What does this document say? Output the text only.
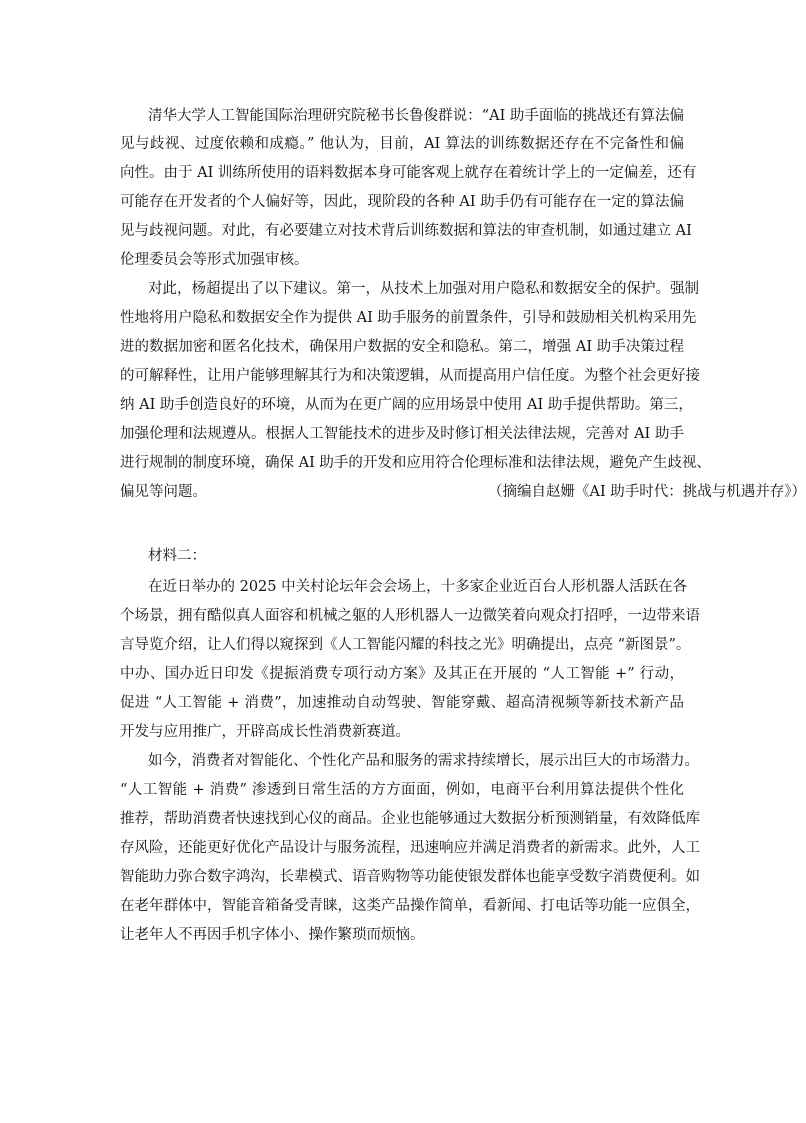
清华大学人工智能国际治理研究院秘书长鲁俊群说：“AI 助手面临的挑战还有算法偏
见与歧视、过度依赖和成瘾。” 他认为，目前，AI 算法的训练数据还存在不完备性和偏
向性。由于 AI 训练所使用的语料数据本身可能客观上就存在着统计学上的一定偏差，还有
可能存在开发者的个人偏好等，因此，现阶段的各种 AI 助手仍有可能存在一定的算法偏
见与歧视问题。对此，有必要建立对技术背后训练数据和算法的审查机制，如通过建立 AI
伦理委员会等形式加强审核。
对此，杨超提出了以下建议。第一，从技术上加强对用户隐私和数据安全的保护。强制
性地将用户隐私和数据安全作为提供 AI 助手服务的前置条件，引导和鼓励相关机构采用先
进的数据加密和匿名化技术，确保用户数据的安全和隐私。第二，增强 AI 助手决策过程
的可解释性，让用户能够理解其行为和决策逻辑，从而提高用户信任度。为整个社会更好接
纳 AI 助手创造良好的环境，从而为在更广阔的应用场景中使用 AI 助手提供帮助。第三，
加强伦理和法规遵从。根据人工智能技术的进步及时修订相关法律法规，完善对 AI 助手
进行规制的制度环境，确保 AI 助手的开发和应用符合伦理标准和法律法规，避免产生歧视、
偏见等问题。	（摘编自赵姗《AI 助手时代：挑战与机遇并存》）
材料二：
在近日举办的 2025 中关村论坛年会会场上，十多家企业近百台人形机器人活跃在各
个场景，拥有酷似真人面容和机械之躯的人形机器人一边微笑着向观众打招呼，一边带来语
言导览介绍，让人们得以窥探到《人工智能闪耀的科技之光》明确提出，点亮 “新图景”。
中办、国办近日印发《提振消费专项行动方案》及其正在开展的 “人工智能 +” 行动，
促进 “人工智能 + 消费”，加速推动自动驾驶、智能穿戴、超高清视频等新技术新产品
开发与应用推广，开辟高成长性消费新赛道。
如今，消费者对智能化、个性化产品和服务的需求持续增长，展示出巨大的市场潜力。
“人工智能 + 消费” 渗透到日常生活的方方面面，例如，电商平台利用算法提供个性化
推荐，帮助消费者快速找到心仪的商品。企业也能够通过大数据分析预测销量，有效降低库
存风险，还能更好优化产品设计与服务流程，迅速响应并满足消费者的新需求。此外，人工
智能助力弥合数字鸿沟，长辈模式、语音购物等功能使银发群体也能享受数字消费便利。如
在老年群体中，智能音箱备受青睐，这类产品操作简单，看新闻、打电话等功能一应俱全，
让老年人不再因手机字体小、操作繁琐而烦恼。
